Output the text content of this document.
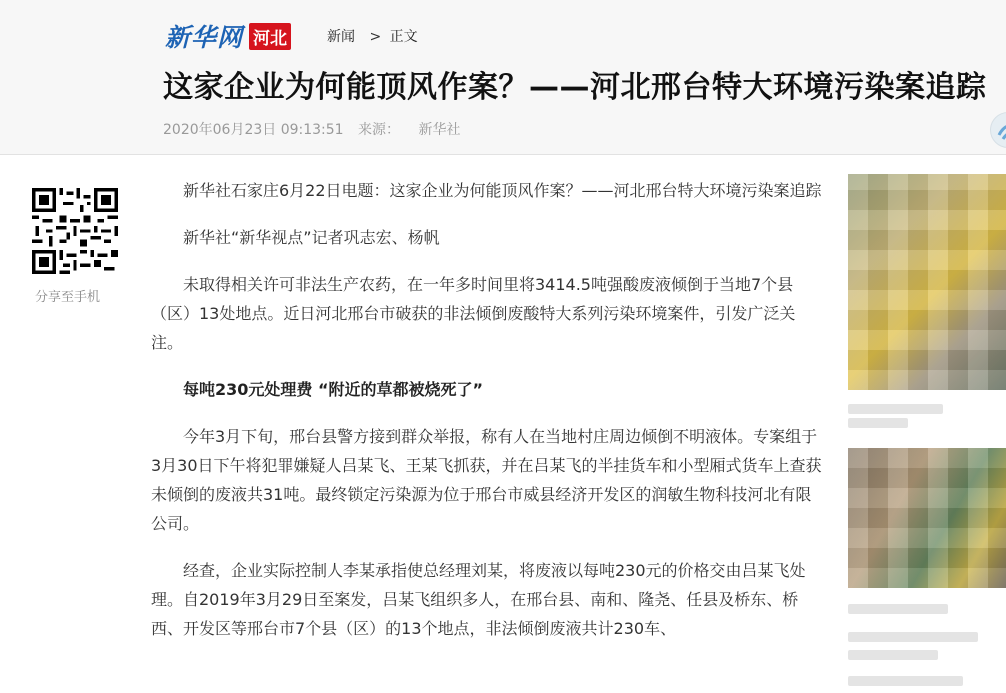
新华网 河北	新闻 > 正文
这家企业为何能顶风作案？——河北邢台特大环境污染案追踪
2020年06月23日 09:13:51 来源： 新华社
分享至手机

新华社石家庄6月22日电题：这家企业为何能顶风作案？——河北邢台特大环境污染案追踪

新华社“新华视点”记者巩志宏、杨帆

未取得相关许可非法生产农药，在一年多时间里将3414.5吨强酸废液倾倒于当地7个县（区）13处地点。近日河北邢台市破获的非法倾倒废酸特大系列污染环境案件，引发广泛关注。

每吨230元处理费 “附近的草都被烧死了”

今年3月下旬，邢台县警方接到群众举报，称有人在当地村庄周边倾倒不明液体。专案组于3月30日下午将犯罪嫌疑人吕某飞、王某飞抓获，并在吕某飞的半挂货车和小型厢式货车上查获未倾倒的废液共31吨。最终锁定污染源为位于邢台市威县经济开发区的润敏生物科技河北有限公司。

经查，企业实际控制人李某承指使总经理刘某，将废液以每吨230元的价格交由吕某飞处理。自2019年3月29日至案发，吕某飞组织多人，在邢台县、南和、隆尧、任县及桥东、桥西、开发区等邢台市7个县（区）的13个地点，非法倾倒废液共计230车、
